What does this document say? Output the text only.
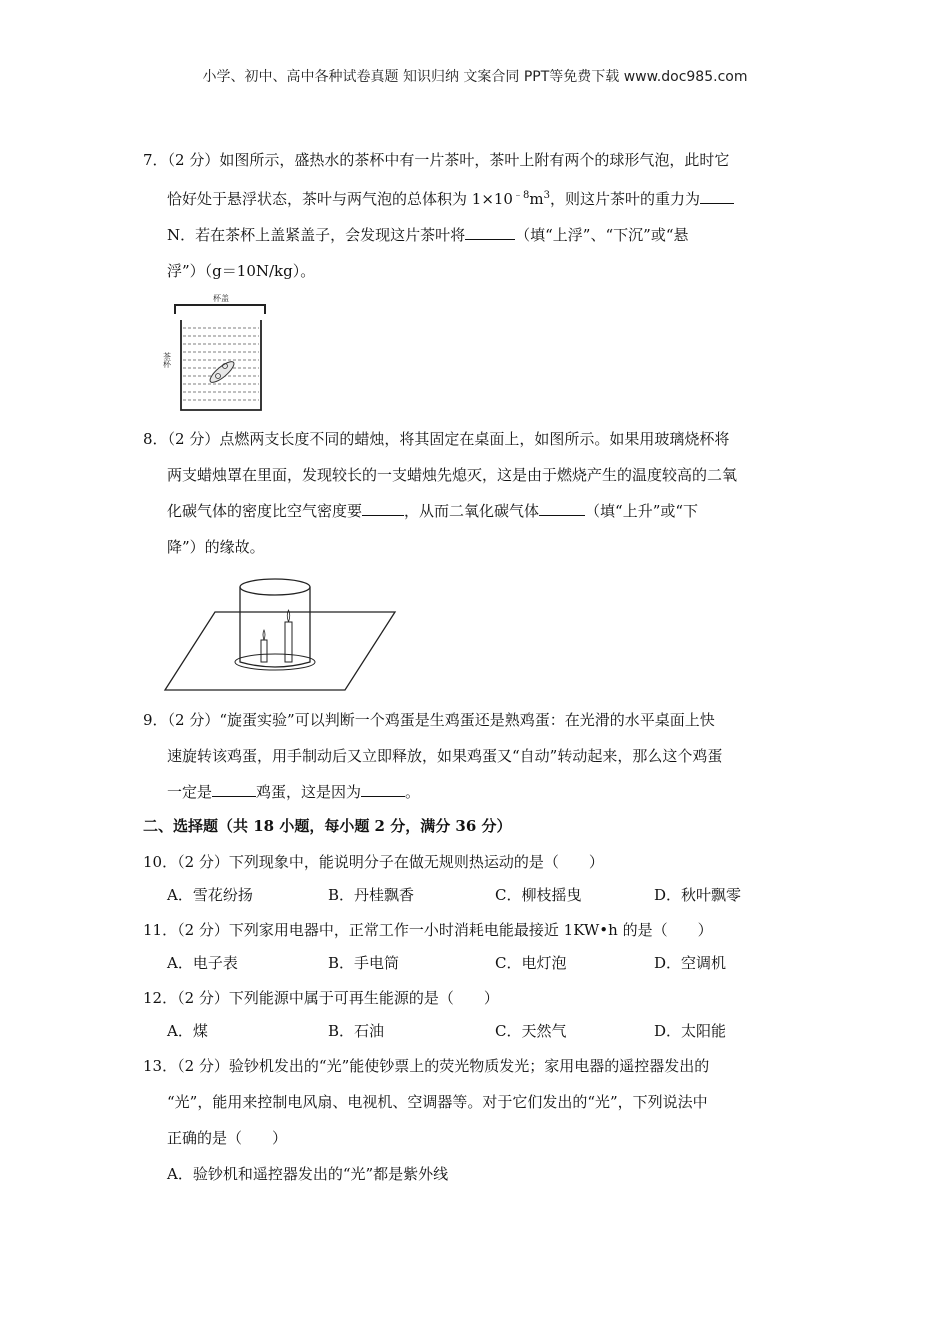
小学、初中、高中各种试卷真题 知识归纳 文案合同 PPT等免费下载 www.doc985.com
7．（2 分）如图所示，盛热水的茶杯中有一片茶叶，茶叶上附有两个的球形气泡，此时它
恰好处于悬浮状态，茶叶与两气泡的总体积为 $1\times 10^{﹣8}m^3$，则这片茶叶的重力为
N．若在茶杯上盖紧盖子，会发现这片茶叶将	（填“上浮”、“下沉”或“悬
浮”）（g＝10N/kg）。
杯盖
茶杯
8．（2 分）点燃两支长度不同的蜡烛，将其固定在桌面上，如图所示。如果用玻璃烧杯将
两支蜡烛罩在里面，发现较长的一支蜡烛先熄灭，这是由于燃烧产生的温度较高的二氧
化碳气体的密度比空气密度要	，从而二氧化碳气体	（填“上升”或“下
降”）的缘故。
9．（2 分）“旋蛋实验”可以判断一个鸡蛋是生鸡蛋还是熟鸡蛋：在光滑的水平桌面上快
速旋转该鸡蛋，用手制动后又立即释放，如果鸡蛋又“自动”转动起来，那么这个鸡蛋
一定是	鸡蛋，这是因为	。
二、选择题（共 18 小题，每小题 2 分，满分 36 分）
10．（2 分）下列现象中，能说明分子在做无规则热运动的是（　　）
A．雪花纷扬	B．丹桂飘香	C．柳枝摇曳	D．秋叶飘零
11．（2 分）下列家用电器中，正常工作一小时消耗电能最接近 1KW•h 的是（　　）
A．电子表	B．手电筒	C．电灯泡	D．空调机
12．（2 分）下列能源中属于可再生能源的是（　　）
A．煤	B．石油	C．天然气	D．太阳能
13．（2 分）验钞机发出的“光”能使钞票上的荧光物质发光；家用电器的遥控器发出的
“光”，能用来控制电风扇、电视机、空调器等。对于它们发出的“光”，下列说法中
正确的是（　　）
A．验钞机和遥控器发出的“光”都是紫外线
